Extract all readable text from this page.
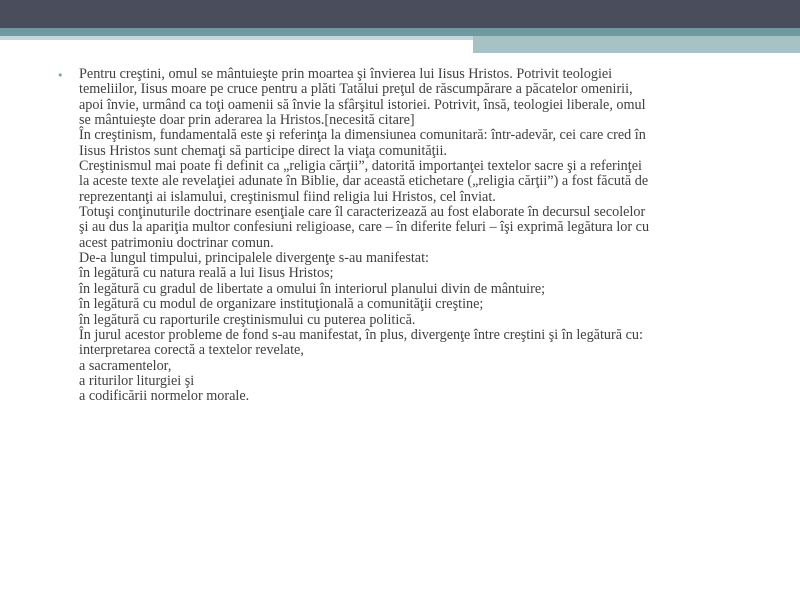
• Pentru creştini, omul se mântuieşte prin moartea şi învierea lui Iisus Hristos. Potrivit teologiei
temeliilor, Iisus moare pe cruce pentru a plăti Tatălui preţul de răscumpărare a păcatelor omenirii,
apoi învie, urmând ca toţi oamenii să învie la sfârşitul istoriei. Potrivit, însă, teologiei liberale, omul
se mântuieşte doar prin aderarea la Hristos.[necesită citare]
În creştinism, fundamentală este şi referinţa la dimensiunea comunitară: într-adevăr, cei care cred în
Iisus Hristos sunt chemaţi să participe direct la viaţa comunităţii.
Creştinismul mai poate fi definit ca „religia cărţii”, datorită importanţei textelor sacre şi a referinţei
la aceste texte ale revelaţiei adunate în Biblie, dar această etichetare („religia cărţii”) a fost făcută de
reprezentanţi ai islamului, creştinismul fiind religia lui Hristos, cel înviat.
Totuşi conţinuturile doctrinare esenţiale care îl caracterizează au fost elaborate în decursul secolelor
şi au dus la apariţia multor confesiuni religioase, care – în diferite feluri – îşi exprimă legătura lor cu
acest patrimoniu doctrinar comun.
De-a lungul timpului, principalele divergenţe s-au manifestat:
în legătură cu natura reală a lui Iisus Hristos;
în legătură cu gradul de libertate a omului în interiorul planului divin de mântuire;
în legătură cu modul de organizare instituţională a comunităţii creştine;
în legătură cu raporturile creştinismului cu puterea politică.
În jurul acestor probleme de fond s-au manifestat, în plus, divergenţe între creştini şi în legătură cu:
interpretarea corectă a textelor revelate,
a sacramentelor,
a riturilor liturgiei şi
a codificării normelor morale.
